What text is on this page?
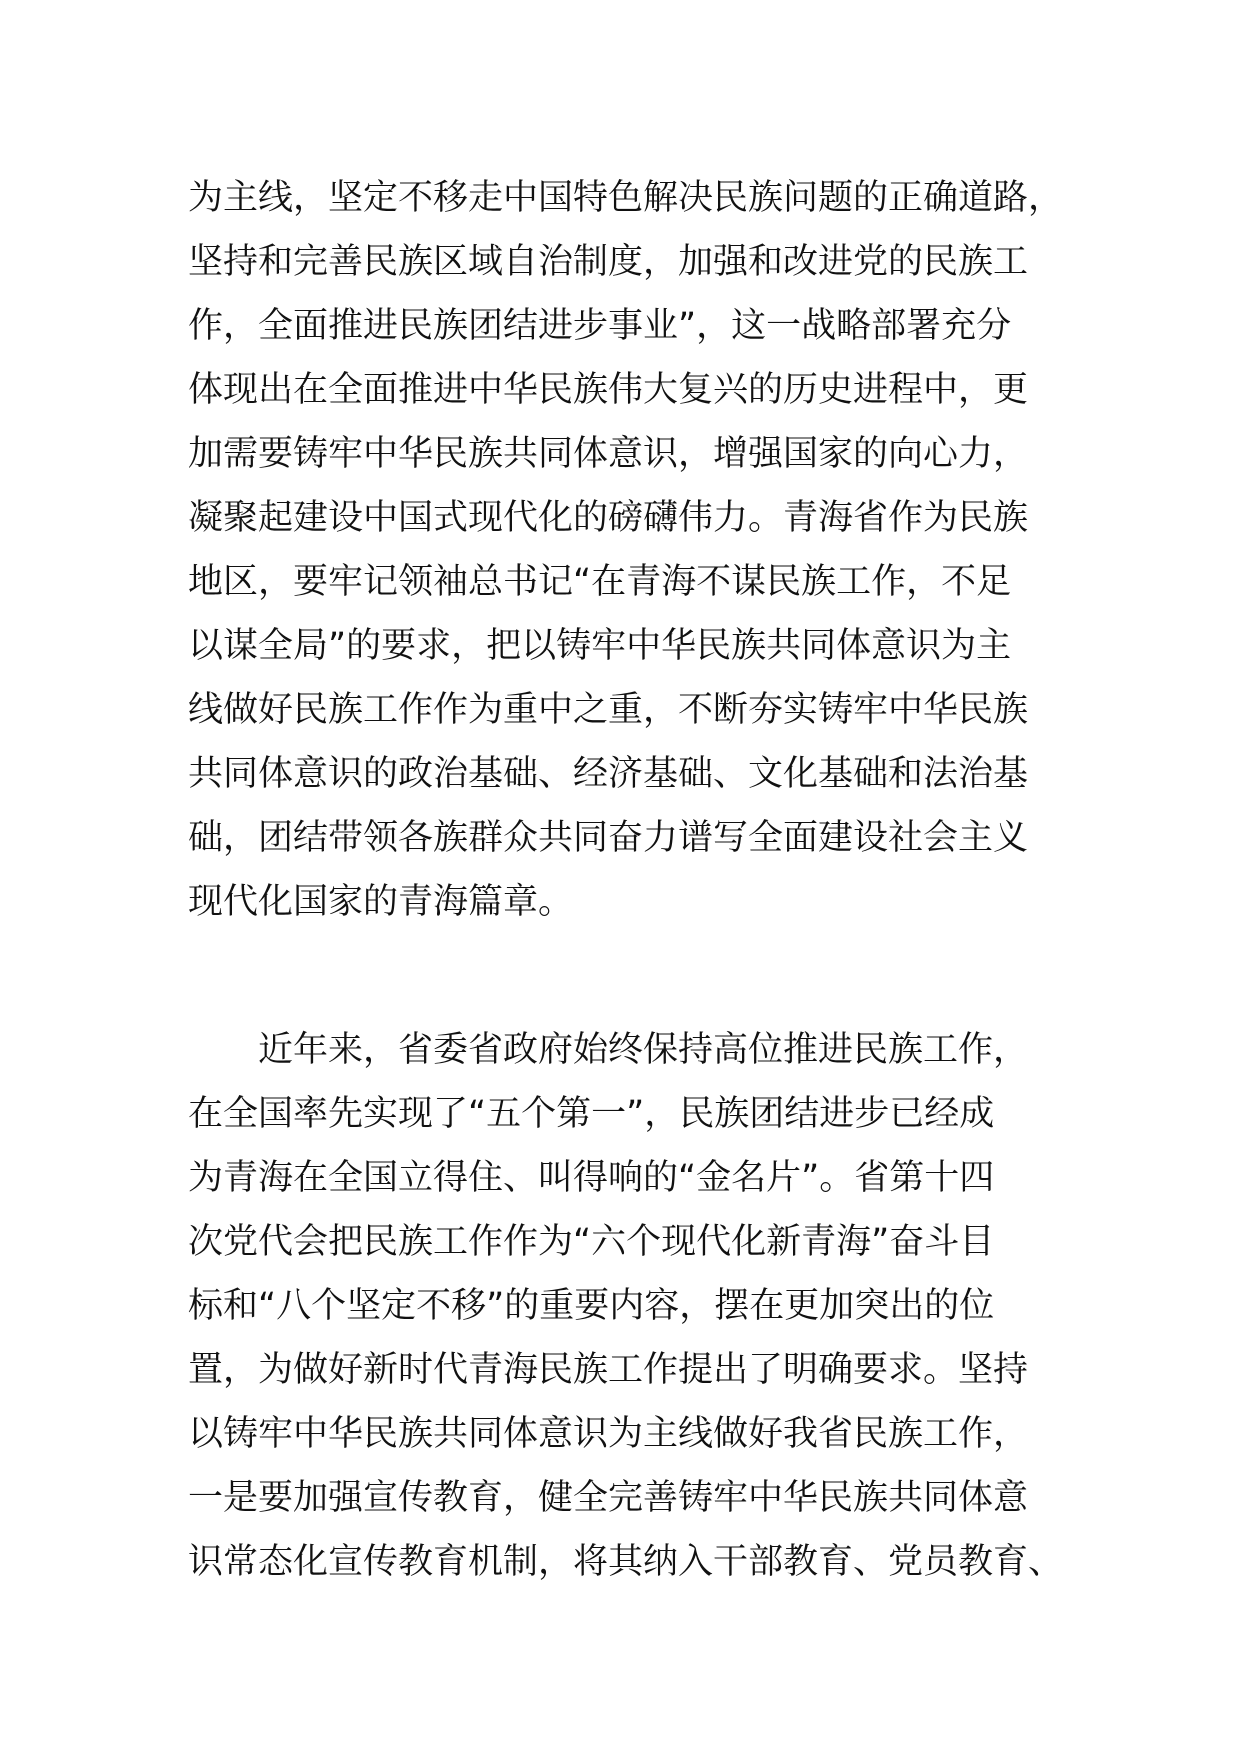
为主线，坚定不移走中国特色解决民族问题的正确道路，
坚持和完善民族区域自治制度，加强和改进党的民族工
作，全面推进民族团结进步事业”，这一战略部署充分
体现出在全面推进中华民族伟大复兴的历史进程中，更
加需要铸牢中华民族共同体意识，增强国家的向心力，
凝聚起建设中国式现代化的磅礴伟力。青海省作为民族
地区，要牢记领袖总书记“在青海不谋民族工作，不足
以谋全局”的要求，把以铸牢中华民族共同体意识为主
线做好民族工作作为重中之重，不断夯实铸牢中华民族
共同体意识的政治基础、经济基础、文化基础和法治基
础，团结带领各族群众共同奋力谱写全面建设社会主义
现代化国家的青海篇章。
　　近年来，省委省政府始终保持高位推进民族工作，
在全国率先实现了“五个第一”，民族团结进步已经成
为青海在全国立得住、叫得响的“金名片”。省第十四
次党代会把民族工作作为“六个现代化新青海”奋斗目
标和“八个坚定不移”的重要内容，摆在更加突出的位
置，为做好新时代青海民族工作提出了明确要求。坚持
以铸牢中华民族共同体意识为主线做好我省民族工作，
一是要加强宣传教育，健全完善铸牢中华民族共同体意
识常态化宣传教育机制，将其纳入干部教育、党员教育、
